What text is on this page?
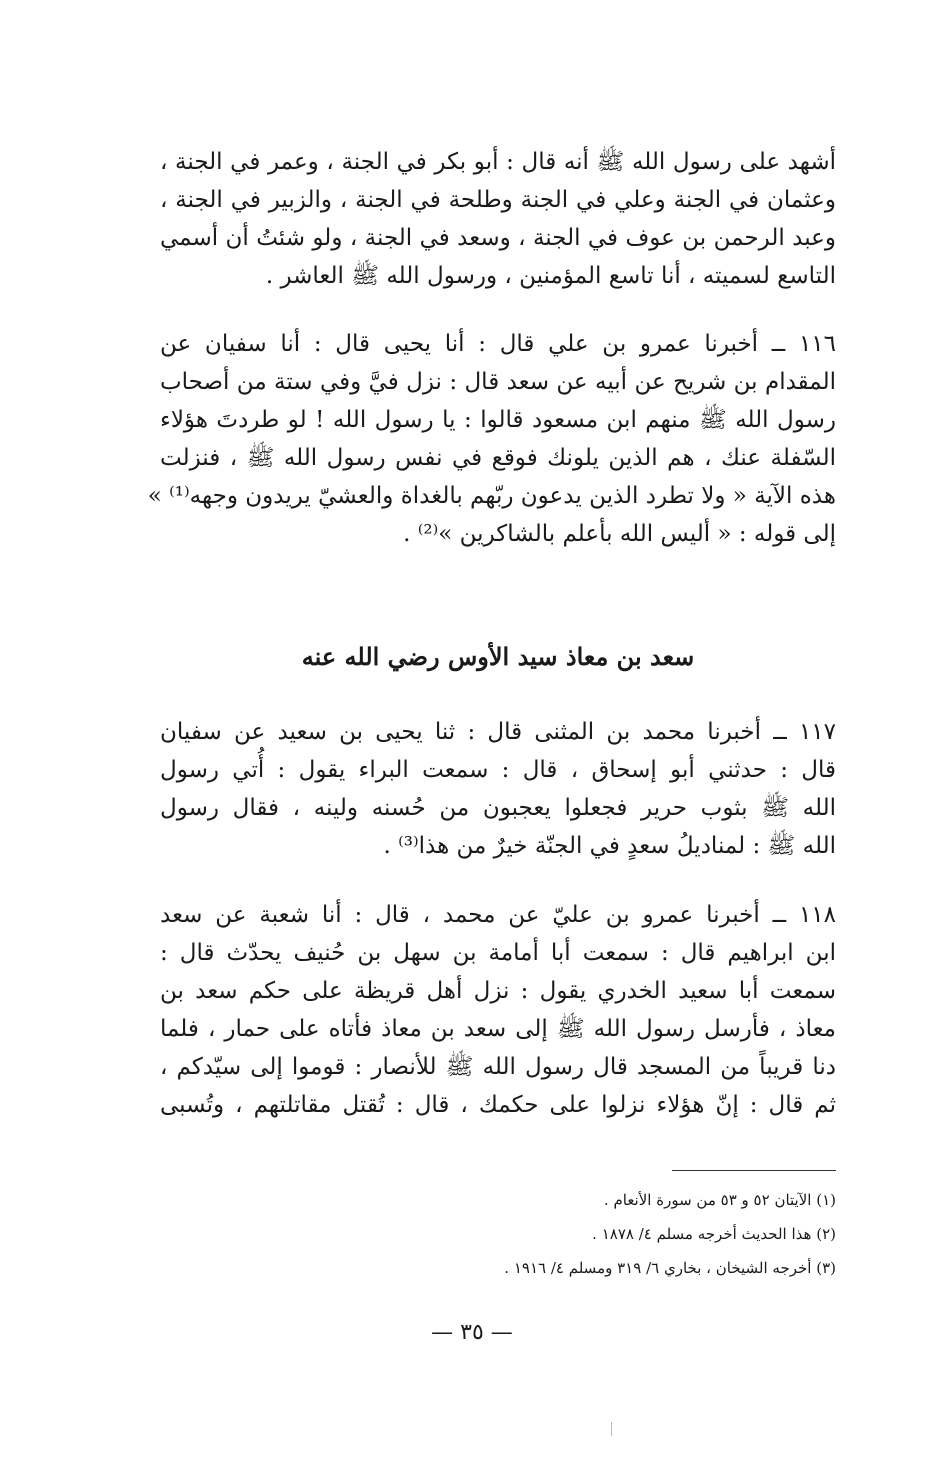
أشهد على رسول الله ﷺ أنه قال : أبو بكر في الجنة ، وعمر في الجنة ،
وعثمان في الجنة وعلي في الجنة وطلحة في الجنة ، والزبير في الجنة ،
وعبد الرحمن بن عوف في الجنة ، وسعد في الجنة ، ولو شئتُ أن أسمي
التاسع لسميته ، أنا تاسع المؤمنين ، ورسول الله ﷺ العاشر .
١١٦ ــ أخبرنا عمرو بن علي قال : أنا يحيى قال : أنا سفيان عن
المقدام بن شريح عن أبيه عن سعد قال : نزل فيَّ وفي ستة من أصحاب
رسول الله ﷺ منهم ابن مسعود قالوا : يا رسول الله ! لو طردتَ هؤلاء
السّفلة عنك ، هم الذين يلونك فوقع في نفس رسول الله ﷺ ، فنزلت
هذه الآية « ولا تطرد الذين يدعون ربّهم بالغداة والعشيّ يريدون وجهه⁽¹⁾ »
إلى قوله : « أليس الله بأعلم بالشاكرين »⁽²⁾ .
سعد بن معاذ سيد الأوس رضي الله عنه
١١٧ ــ أخبرنا محمد بن المثنى قال : ثنا يحيى بن سعيد عن سفيان
قال : حدثني أبو إسحاق ، قال : سمعت البراء يقول : أُتي رسول
الله ﷺ بثوب حرير فجعلوا يعجبون من حُسنه ولينه ، فقال رسول
الله ﷺ : لمناديلُ سعدٍ في الجنّة خيرٌ من هذا⁽³⁾ .
١١٨ ــ أخبرنا عمرو بن عليّ عن محمد ، قال : أنا شعبة عن سعد
ابن ابراهيم قال : سمعت أبا أمامة بن سهل بن حُنيف يحدّث قال :
سمعت أبا سعيد الخدري يقول : نزل أهل قريظة على حكم سعد بن
معاذ ، فأرسل رسول الله ﷺ إلى سعد بن معاذ فأتاه على حمار ، فلما
دنا قريباً من المسجد قال رسول الله ﷺ للأنصار : قوموا إلى سيّدكم ،
ثم قال : إنّ هؤلاء نزلوا على حكمك ، قال : تُقتل مقاتلتهم ، وتُسبى
(١) الآيتان ٥٢ و ٥٣ من سورة الأنعام .
(٢) هذا الحديث أخرجه مسلم ٤/ ١٨٧٨ .
(٣) أخرجه الشيخان ، بخاري ٦/ ٣١٩ ومسلم ٤/ ١٩١٦ .
— ٣٥ —
